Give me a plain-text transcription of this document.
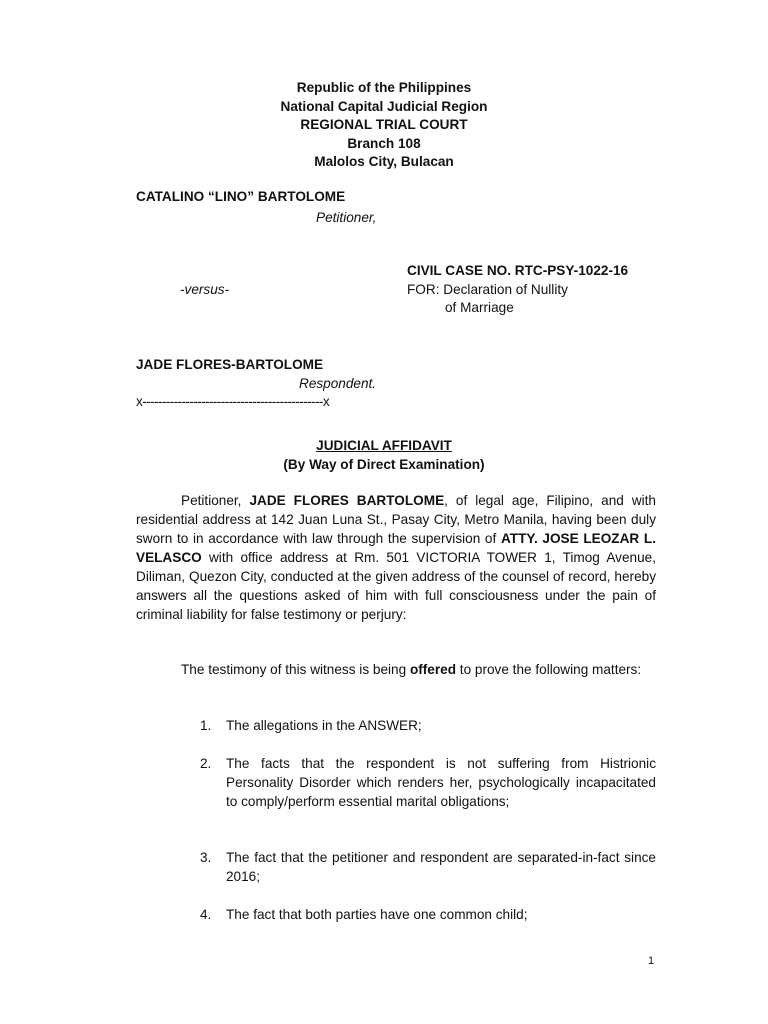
Republic of the Philippines
National Capital Judicial Region
REGIONAL TRIAL COURT
Branch 108
Malolos City, Bulacan
CATALINO “LINO” BARTOLOME
Petitioner,
CIVIL CASE NO. RTC-PSY-1022-16
-versus-	FOR: Declaration of Nullity
of Marriage
JADE FLORES-BARTOLOME
Respondent.
x----------------------------------------------x
JUDICIAL AFFIDAVIT
(By Way of Direct Examination)
Petitioner, JADE FLORES BARTOLOME, of legal age, Filipino, and with residential address at 142 Juan Luna St., Pasay City, Metro Manila, having been duly sworn to in accordance with law through the supervision of ATTY. JOSE LEOZAR L. VELASCO with office address at Rm. 501 VICTORIA TOWER 1, Timog Avenue, Diliman, Quezon City, conducted at the given address of the counsel of record, hereby answers all the questions asked of him with full consciousness under the pain of criminal liability for false testimony or perjury:
The testimony of this witness is being offered to prove the following matters:
1. The allegations in the ANSWER;
2. The facts that the respondent is not suffering from Histrionic Personality Disorder which renders her, psychologically incapacitated to comply/perform essential marital obligations;
3. The fact that the petitioner and respondent are separated-in-fact since 2016;
4. The fact that both parties have one common child;
1
